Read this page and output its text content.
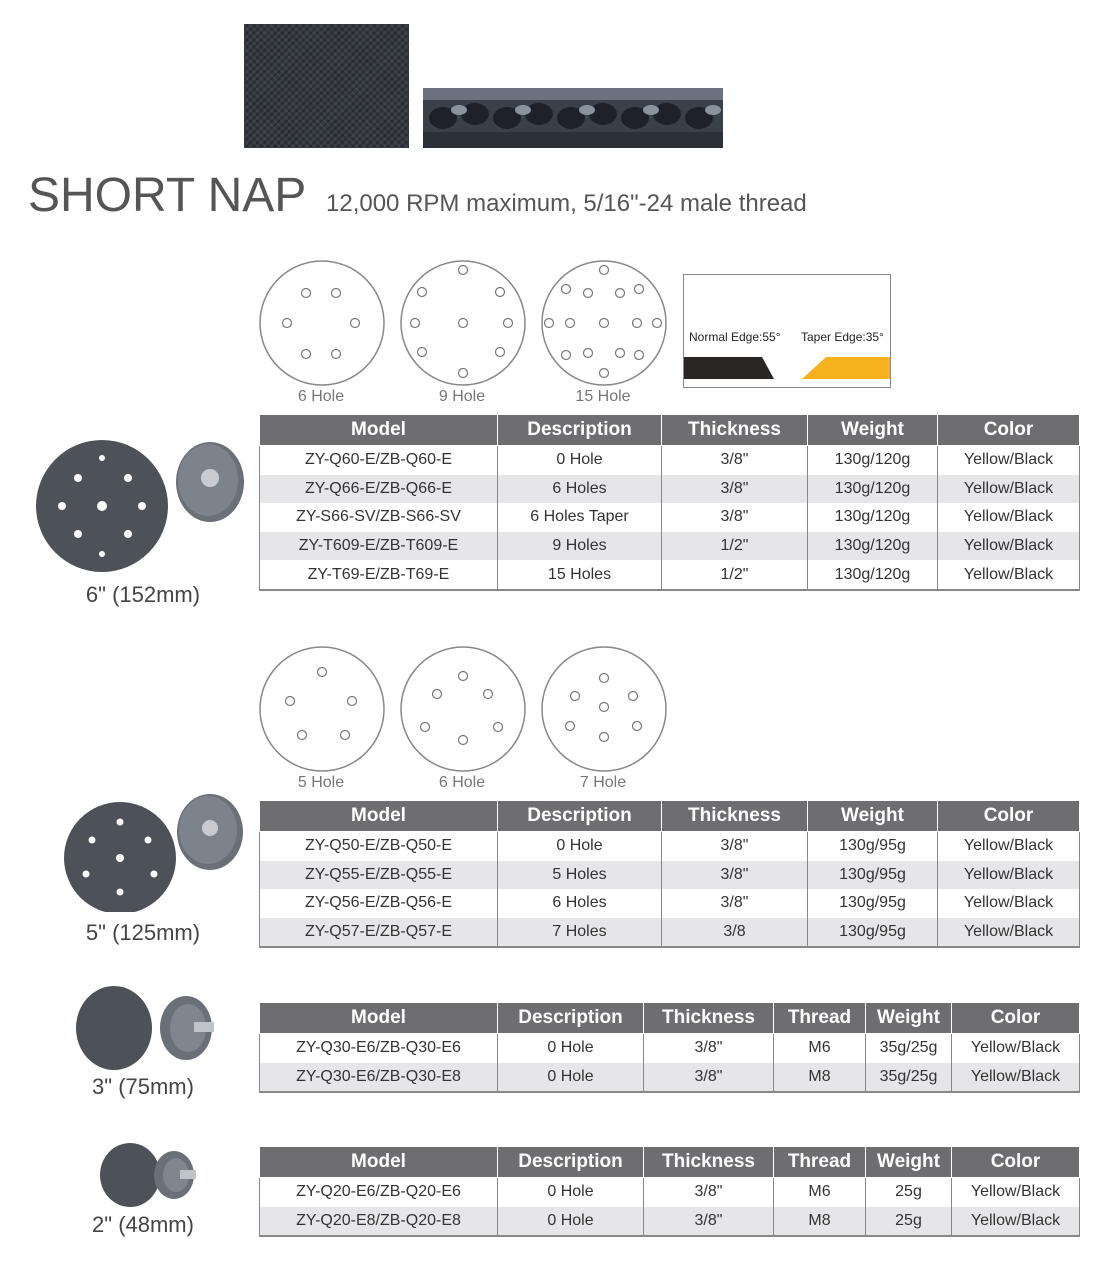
SHORT NAP 12,000 RPM maximum, 5/16"-24 male thread
6 Hole	9 Hole	15 Hole
Normal Edge:55° Taper Edge:35°
6" (152mm)
Model	Description	Thickness	Weight	Color
ZY-Q60-E/ZB-Q60-E	0 Hole	3/8"	130g/120g	Yellow/Black
ZY-Q66-E/ZB-Q66-E	6 Holes	3/8"	130g/120g	Yellow/Black
ZY-S66-SV/ZB-S66-SV	6 Holes Taper	3/8"	130g/120g	Yellow/Black
ZY-T609-E/ZB-T609-E	9 Holes	1/2"	130g/120g	Yellow/Black
ZY-T69-E/ZB-T69-E	15 Holes	1/2"	130g/120g	Yellow/Black
5 Hole	6 Hole	7 Hole
5" (125mm)
Model	Description	Thickness	Weight	Color
ZY-Q50-E/ZB-Q50-E	0 Hole	3/8"	130g/95g	Yellow/Black
ZY-Q55-E/ZB-Q55-E	5 Holes	3/8"	130g/95g	Yellow/Black
ZY-Q56-E/ZB-Q56-E	6 Holes	3/8"	130g/95g	Yellow/Black
ZY-Q57-E/ZB-Q57-E	7 Holes	3/8	130g/95g	Yellow/Black
3" (75mm)
Model	Description	Thickness	Thread	Weight	Color
ZY-Q30-E6/ZB-Q30-E6	0 Hole	3/8"	M6	35g/25g	Yellow/Black
ZY-Q30-E6/ZB-Q30-E8	0 Hole	3/8"	M8	35g/25g	Yellow/Black
2" (48mm)
Model	Description	Thickness	Thread	Weight	Color
ZY-Q20-E6/ZB-Q20-E6	0 Hole	3/8"	M6	25g	Yellow/Black
ZY-Q20-E8/ZB-Q20-E8	0 Hole	3/8"	M8	25g	Yellow/Black
